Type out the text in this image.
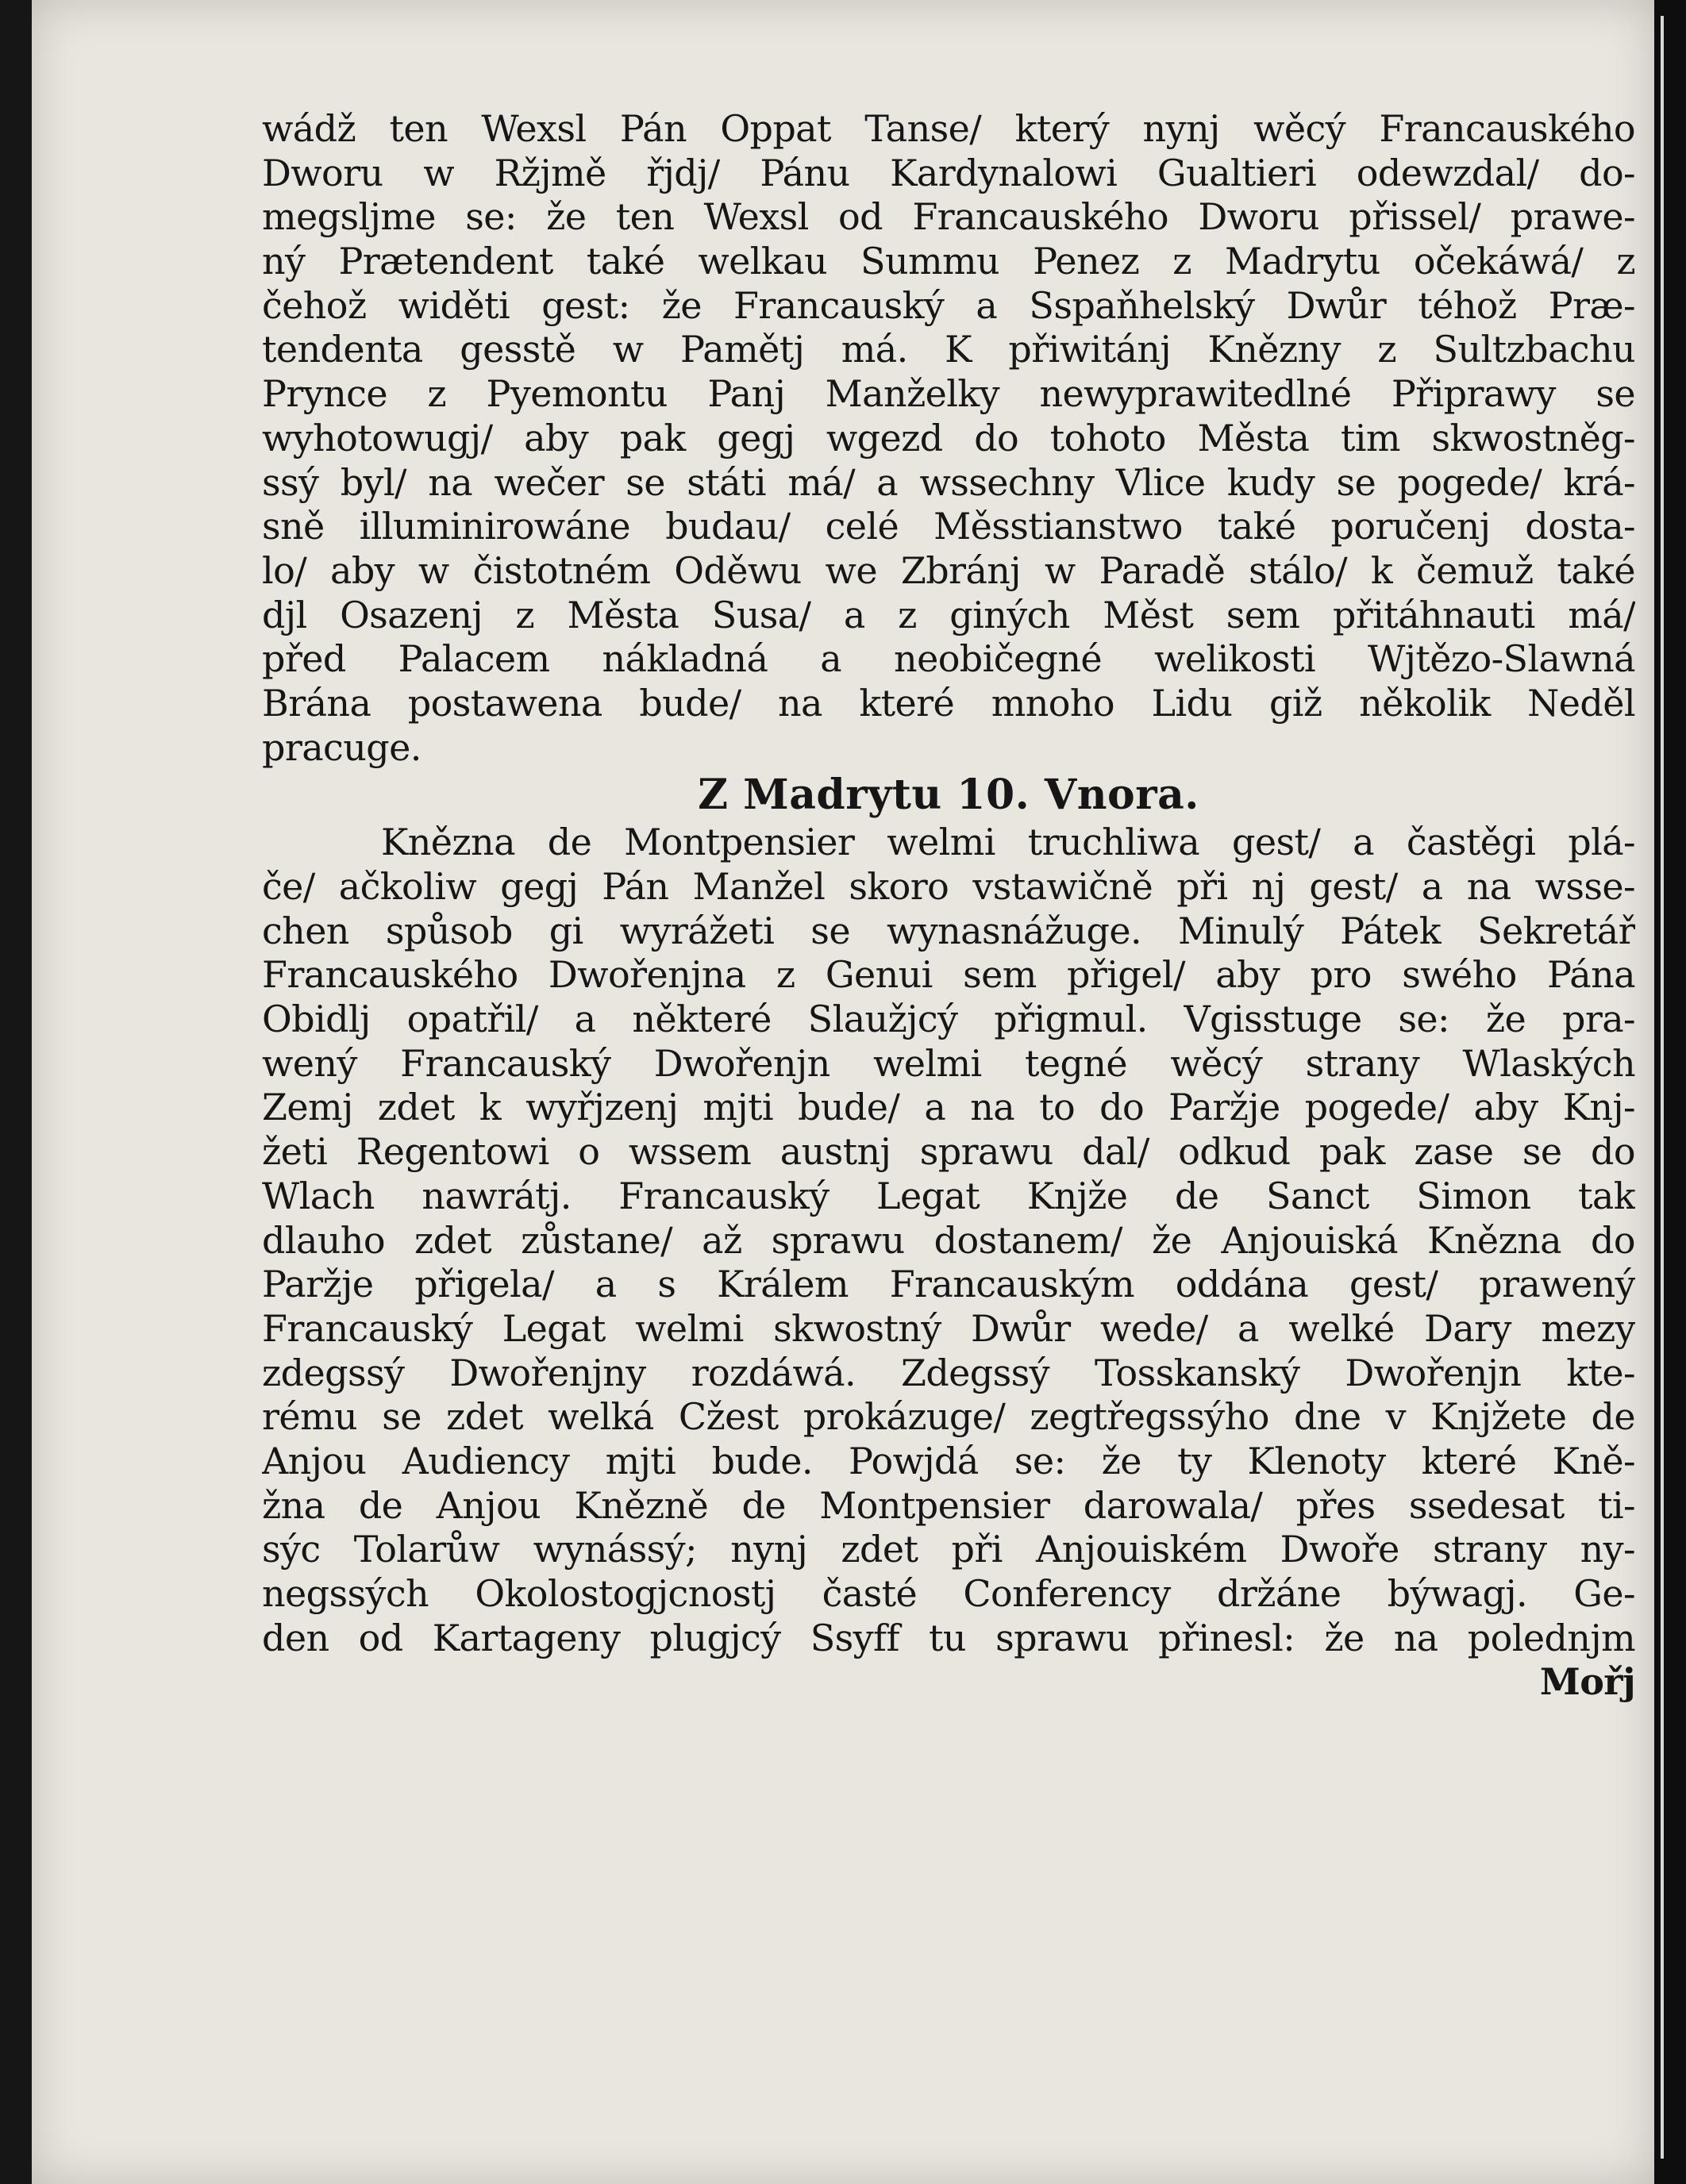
wádž ten Wexsl Pán Oppat Tanse/ který nynj wěcý Francauského
Dworu w Ržjmě řjdj/ Pánu Kardynalowi Gualtieri odewzdal/ do-
megsljme se: že ten Wexsl od Francauského Dworu přissel/ prawe-
ný Prætendent také welkau Summu Penez z Madrytu očekáwá/ z
čehož widěti gest: že Francauský a Sspaňhelský Dwůr téhož Præ-
tendenta gesstě w Pamětj má. K přiwitánj Knězny z Sultzbachu
Prynce z Pyemontu Panj Manželky newyprawitedlné Připrawy se
wyhotowugj/ aby pak gegj wgezd do tohoto Města tim skwostněg-
ssý byl/ na wečer se státi má/ a wssechny Vlice kudy se pogede/ krá-
sně illuminirowáne budau/ celé Měsstianstwo také poručenj dosta-
lo/ aby w čistotném Oděwu we Zbránj w Paradě stálo/ k čemuž také
djl Osazenj z Města Susa/ a z giných Měst sem přitáhnauti má/
před Palacem nákladná a neobičegné welikosti Wjtězo-Slawná
Brána postawena bude/ na které mnoho Lidu giž několik Neděl
pracuge.
Z Madrytu 10. Vnora.
Knězna de Montpensier welmi truchliwa gest/ a častěgi plá-
če/ ačkoliw gegj Pán Manžel skoro vstawičně při nj gest/ a na wsse-
chen spůsob gi wyrážeti se wynasnážuge. Minulý Pátek Sekretář
Francauského Dwořenjna z Genui sem přigel/ aby pro swého Pána
Obidlj opatřil/ a některé Slaužjcý přigmul. Vgisstuge se: že pra-
wený Francauský Dwořenjn welmi tegné wěcý strany Wlaských
Zemj zdet k wyřjzenj mjti bude/ a na to do Paržje pogede/ aby Knj-
žeti Regentowi o wssem austnj sprawu dal/ odkud pak zase se do
Wlach nawrátj. Francauský Legat Knjže de Sanct Simon tak
dlauho zdet zůstane/ až sprawu dostanem/ že Anjouiská Knězna do
Paržje přigela/ a s Králem Francauským oddána gest/ prawený
Francauský Legat welmi skwostný Dwůr wede/ a welké Dary mezy
zdegssý Dwořenjny rozdáwá. Zdegssý Tosskanský Dwořenjn kte-
rému se zdet welká Cžest prokázuge/ zegtřegssýho dne v Knjžete de
Anjou Audiency mjti bude. Powjdá se: že ty Klenoty které Kně-
žna de Anjou Knězně de Montpensier darowala/ přes ssedesat ti-
sýc Tolarůw wynássý; nynj zdet při Anjouiském Dwoře strany ny-
negssých Okolostogjcnostj časté Conferency držáne býwagj. Ge-
den od Kartageny plugjcý Ssyff tu sprawu přinesl: že na polednjm
Mořj
